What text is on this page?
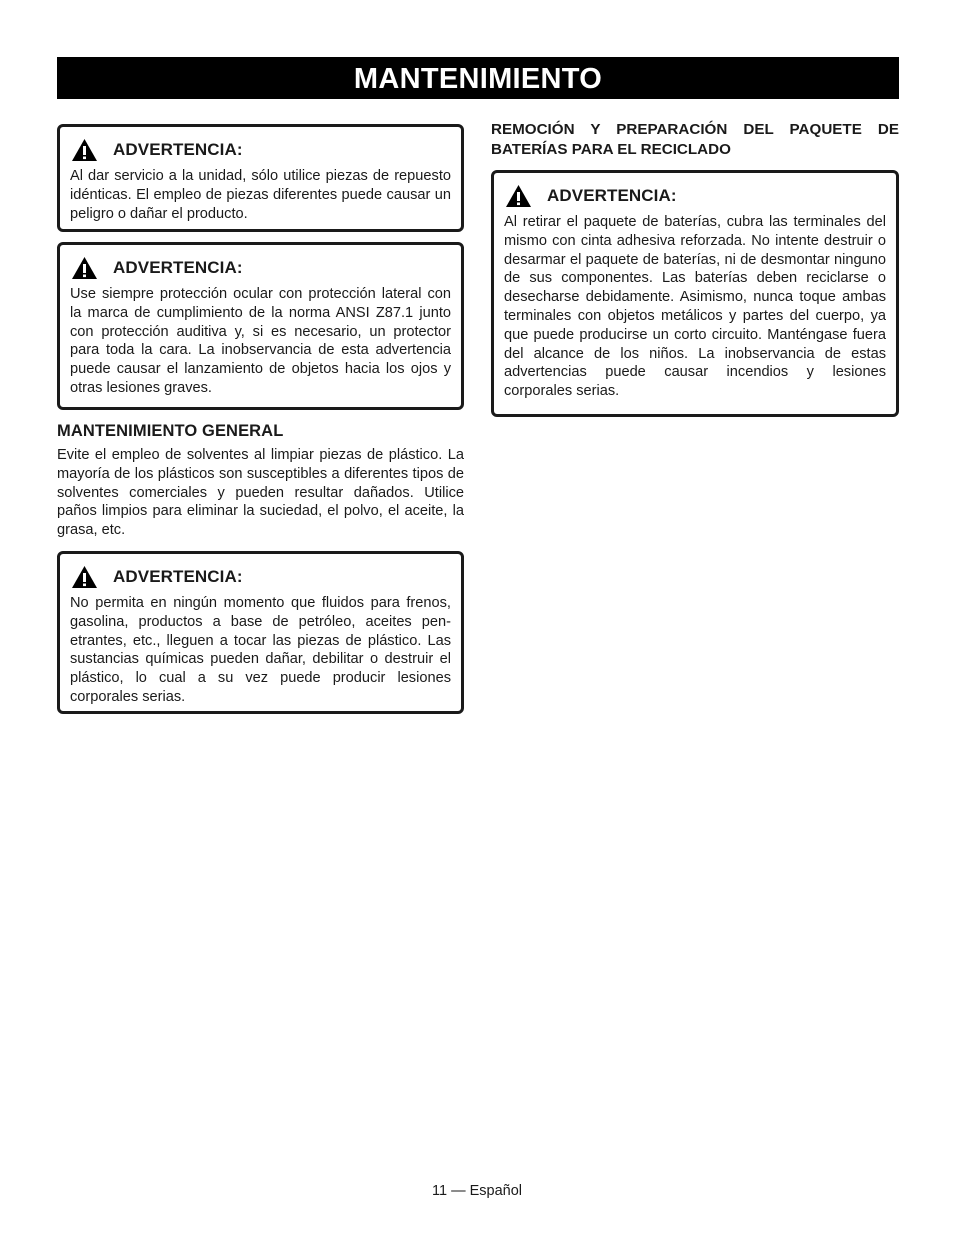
MANTENIMIENTO
ADVERTENCIA:
Al dar servicio a la unidad, sólo utilice piezas de repuesto idénticas. El empleo de piezas diferentes puede causar un peligro o dañar el producto.
ADVERTENCIA:
Use siempre protección ocular con protección lateral con la marca de cumplimiento de la norma ANSI Z87.1 junto con protección auditiva y, si es necesario, un protector para toda la cara. La inobservancia de esta advertencia puede causar el lanzamiento de objetos hacia los ojos y otras lesiones graves.
MANTENIMIENTO GENERAL
Evite el empleo de solventes al limpiar piezas de plástico. La mayoría de los plásticos son susceptibles a diferentes tipos de solventes comerciales y pueden resultar dañados. Utilice paños limpios para eliminar la suciedad, el polvo, el aceite, la grasa, etc.
ADVERTENCIA:
No permita en ningún momento que fluidos para frenos, gasolina, productos a base de petróleo, aceites penetrantes, etc., lleguen a tocar las piezas de plástico. Las sustancias químicas pueden dañar, debilitar o destruir el plástico, lo cual a su vez puede producir lesiones corporales serias.
REMOCIÓN Y PREPARACIÓN DEL PAQUETE DE BATERÍAS PARA EL RECICLADO
ADVERTENCIA:
Al retirar el paquete de baterías, cubra las terminales del mismo con cinta adhesiva reforzada. No intente destruir o desarmar el paquete de baterías, ni de desmontar ninguno de sus componentes. Las baterías deben reciclarse o desecharse debidamente. Asimismo, nunca toque ambas terminales con objetos metálicos y partes del cuerpo, ya que puede producirse un corto circuito. Manténgase fuera del alcance de los niños. La inobservancia de estas advertencias puede causar incendios y lesiones corporales serias.
11 — Español
